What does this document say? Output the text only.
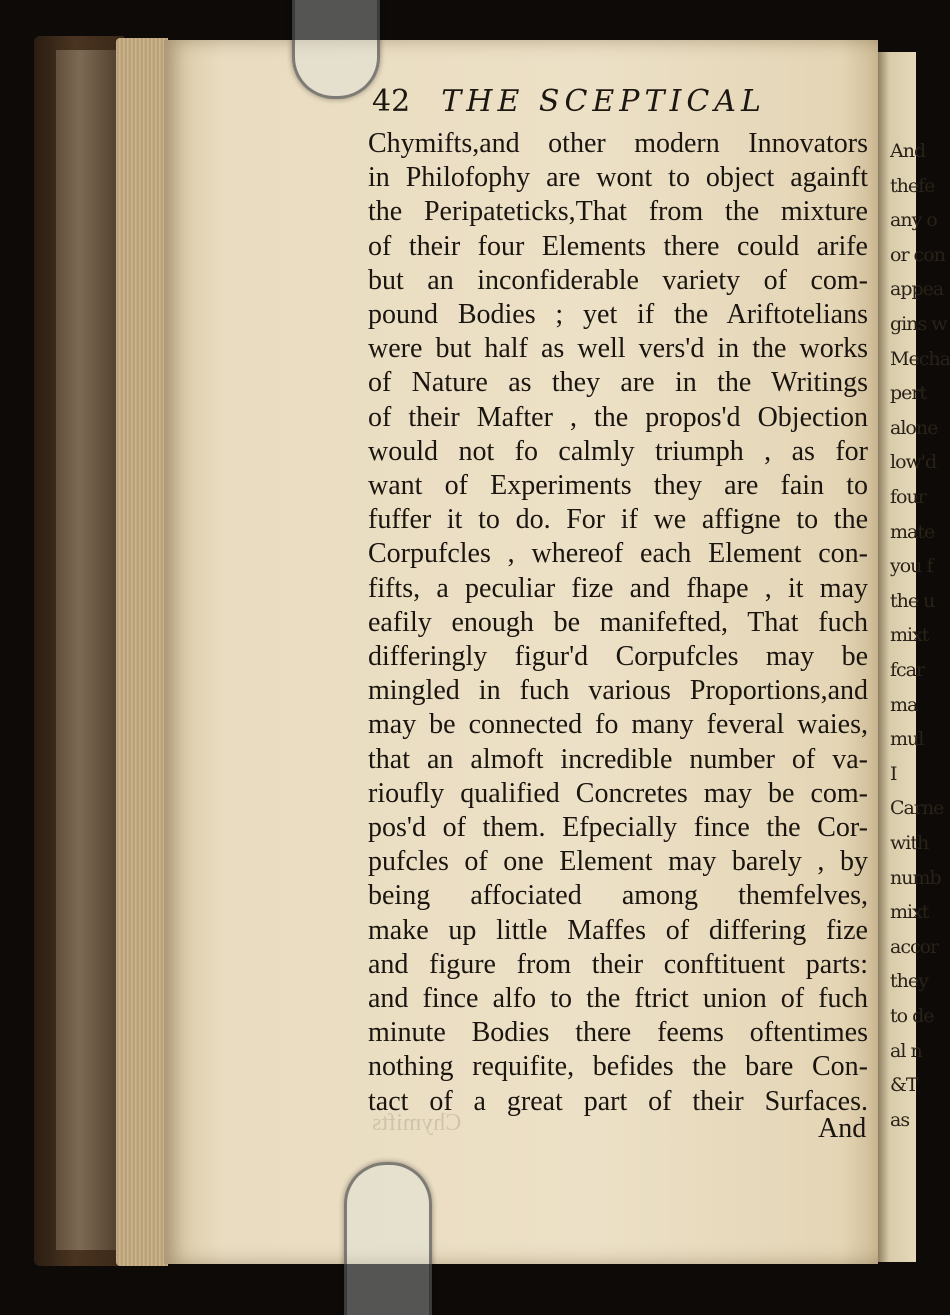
And
thefe
any o
or con
appea
gins w
Mecha
pert
alone
low'd
four
mate
you f
the u
mixt
fcar
ma
mul
I
Carne
with
numb
mixt
accor
they
to de
al n
&T
as
42 THE SCEPTICAL
Chymifts,and other modern Innovators
in Philofophy are wont to object againft
the Peripateticks,That from the mixture
of their four Elements there could arife
but an inconfiderable variety of com-
pound Bodies ; yet if the Ariftotelians
were but half as well vers'd in the works
of Nature as they are in the Writings
of their Mafter , the propos'd Objection
would not fo calmly triumph , as for
want of Experiments they are fain to
fuffer it to do. For if we affigne to the
Corpufcles , whereof each Element con-
fifts, a peculiar fize and fhape , it may
eafily enough be manifefted, That fuch
differingly figur'd Corpufcles may be
mingled in fuch various Proportions,and
may be connected fo many feveral waies,
that an almoft incredible number of va-
rioufly qualified Concretes may be com-
pos'd of them. Efpecially fince the Cor-
pufcles of one Element may barely , by
being affociated among themfelves,
make up little Maffes of differing fize
and figure from their conftituent parts:
and fince alfo to the ftrict union of fuch
minute Bodies there feems oftentimes
nothing requifite, befides the bare Con-
tact of a great part of their Surfaces.
Chymifts	And
